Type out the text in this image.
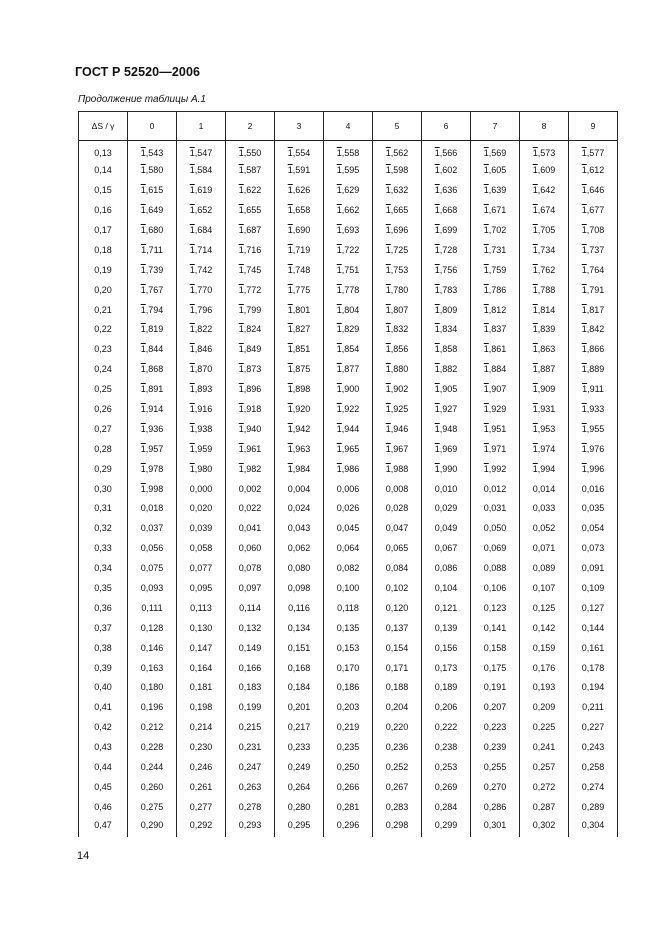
ГОСТ Р 52520—2006
Продолжение таблицы А.1
ΔS / γ	0	1	2	3	4	5	6	7	8	9
0,13	1,543	1,547	1,550	1,554	1,558	1,562	1,566	1,569	1,573	1,577
0,14	1,580	1,584	1,587	1,591	1,595	1,598	1,602	1,605	1,609	1,612
0,15	1,615	1,619	1,622	1,626	1,629	1,632	1,636	1,639	1,642	1,646
0,16	1,649	1,652	1,655	1,658	1,662	1,665	1,668	1,671	1,674	1,677
0,17	1,680	1,684	1,687	1,690	1,693	1,696	1,699	1,702	1,705	1,708
0,18	1,711	1,714	1,716	1,719	1,722	1,725	1,728	1,731	1,734	1,737
0,19	1,739	1,742	1,745	1,748	1,751	1,753	1,756	1,759	1,762	1,764
0,20	1,767	1,770	1,772	1,775	1,778	1,780	1,783	1,786	1,788	1,791
0,21	1,794	1,796	1,799	1,801	1,804	1,807	1,809	1,812	1,814	1,817
0,22	1,819	1,822	1,824	1,827	1,829	1,832	1,834	1,837	1,839	1,842
0,23	1,844	1,846	1,849	1,851	1,854	1,856	1,858	1,861	1,863	1,866
0,24	1,868	1,870	1,873	1,875	1,877	1,880	1,882	1,884	1,887	1,889
0,25	1,891	1,893	1,896	1,898	1,900	1,902	1,905	1,907	1,909	1,911
0,26	1,914	1,916	1,918	1,920	1,922	1,925	1,927	1,929	1,931	1,933
0,27	1,936	1,938	1,940	1,942	1,944	1,946	1,948	1,951	1,953	1,955
0,28	1,957	1,959	1,961	1,963	1,965	1,967	1,969	1,971	1,974	1,976
0,29	1,978	1,980	1,982	1,984	1,986	1,988	1,990	1,992	1,994	1,996
0,30	1,998	0,000	0,002	0,004	0,006	0,008	0,010	0,012	0,014	0,016
0,31	0,018	0,020	0,022	0,024	0,026	0,028	0,029	0,031	0,033	0,035
0,32	0,037	0,039	0,041	0,043	0,045	0,047	0,049	0,050	0,052	0,054
0,33	0,056	0,058	0,060	0,062	0,064	0,065	0,067	0,069	0,071	0,073
0,34	0,075	0,077	0,078	0,080	0,082	0,084	0,086	0,088	0,089	0,091
0,35	0,093	0,095	0,097	0,098	0,100	0,102	0,104	0,106	0,107	0,109
0,36	0,111	0,113	0,114	0,116	0,118	0,120	0,121	0,123	0,125	0,127
0,37	0,128	0,130	0,132	0,134	0,135	0,137	0,139	0,141	0,142	0,144
0,38	0,146	0,147	0,149	0,151	0,153	0,154	0,156	0,158	0,159	0,161
0,39	0,163	0,164	0,166	0,168	0,170	0,171	0,173	0,175	0,176	0,178
0,40	0,180	0,181	0,183	0,184	0,186	0,188	0,189	0,191	0,193	0,194
0,41	0,196	0,198	0,199	0,201	0,203	0,204	0,206	0,207	0,209	0,211
0,42	0,212	0,214	0,215	0,217	0,219	0,220	0,222	0,223	0,225	0,227
0,43	0,228	0,230	0,231	0,233	0,235	0,236	0,238	0,239	0,241	0,243
0,44	0,244	0,246	0,247	0,249	0,250	0,252	0,253	0,255	0,257	0,258
0,45	0,260	0,261	0,263	0,264	0,266	0,267	0,269	0,270	0,272	0,274
0,46	0,275	0,277	0,278	0,280	0,281	0,283	0,284	0,286	0,287	0,289
0,47	0,290	0,292	0,293	0,295	0,296	0,298	0,299	0,301	0,302	0,304
14
